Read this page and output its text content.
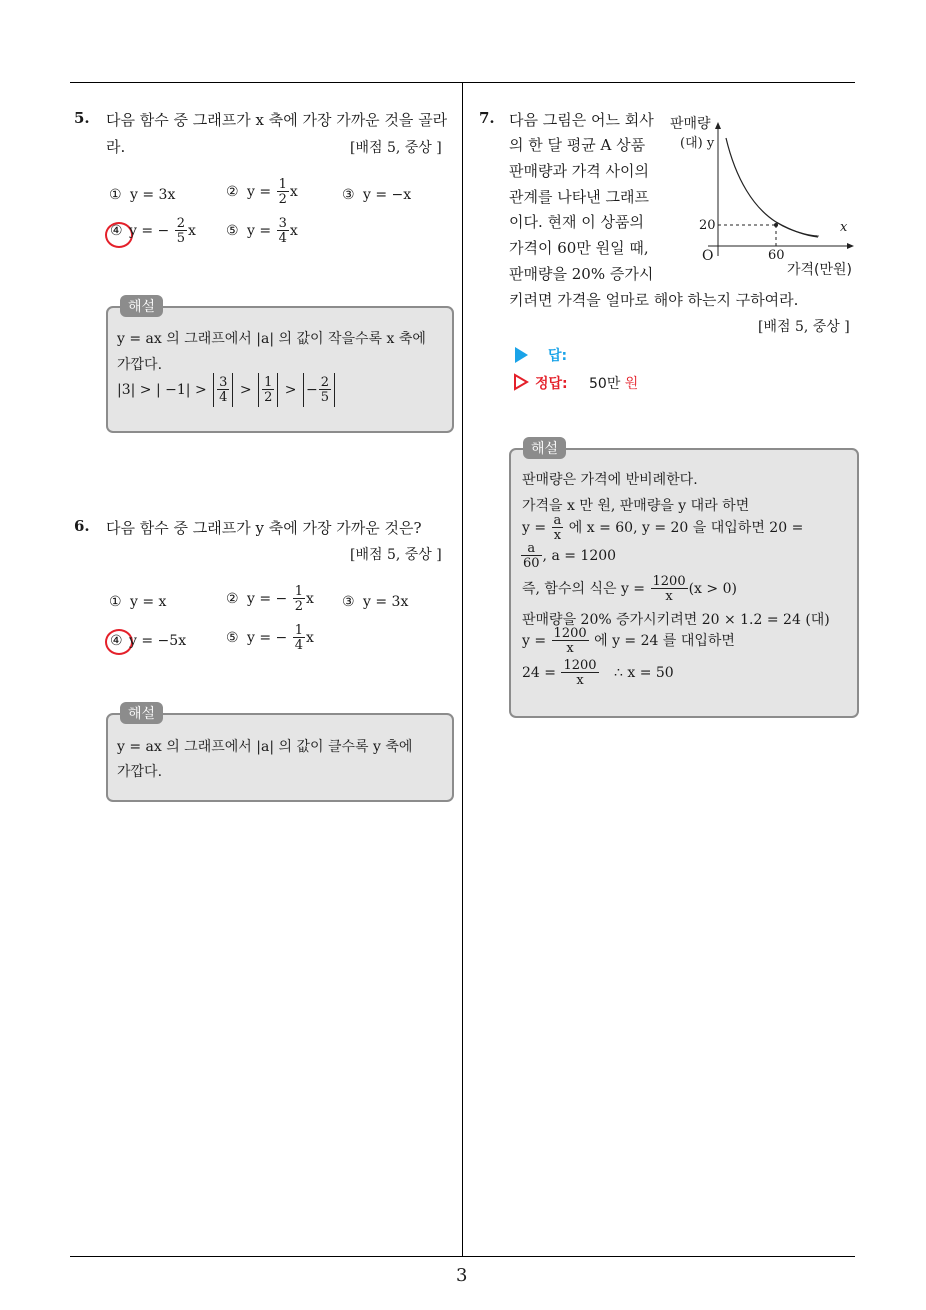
3
5. 다음 함수 중 그래프가 x 축에 가장 가까운 것을 골라
라.	[배점 5, 중상 ]
① y = 3x	② $y = \frac{1}{2}$ x	③ y = −x
④ y = − $\frac{2}{5}$ x ⑤ $y = \frac{3}{4}$ x
해설
y = ax 의 그래프에서 |a| 의 값이 작을수록 x 축에
가깝다.
|3| > | $-1| > \frac{3}{4} > \frac{1}{2}$ > − $\frac{2}{5}$
6. 다음 함수 중 그래프가 y 축에 가장 가까운 것은?
[배점 5, 중상 ]
① y = x	② y = − $\frac{1}{2}$ x ③ y = 3x
④ y = −5x	⑤ y = − $\frac{1}{4}$ x
해설
y = ax 의 그래프에서 |a| 의 값이 클수록 y 축에
가깝다.
7. 다음 그림은 어느 회사
의 한 달 평균 A 상품
판매량과 가격 사이의
관계를 나타낸 그래프
이다. 현재 이 상품의
가격이 60만 원일 때,
판매량을 20% 증가시
키려면 가격을 얼마로 해야 하는지 구하여라.
[배점 5, 중상 ]
판매량
(대) y
20
O	60
x
가격(만원)
답:
정답: 50만 원
해설
판매량은 가격에 반비례한다.
가격을 x 만 원, 판매량을 y 대라 하면
$y = \frac{a}{x}$ 에 x = 60, y = 20 을 대입하면 20 =
$\frac{a}{60}$ , a = 1200
즉, 함수의 식은 $y = \frac{1200}{x} (x > 0)$
판매량을 20% 증가시키려면 20 × 1.2 = 24 (대)
$y = \frac{1200}{x}$ 에 y = 24 를 대입하면
$24 = \frac{1200}{x}$ ∴ x = 50
